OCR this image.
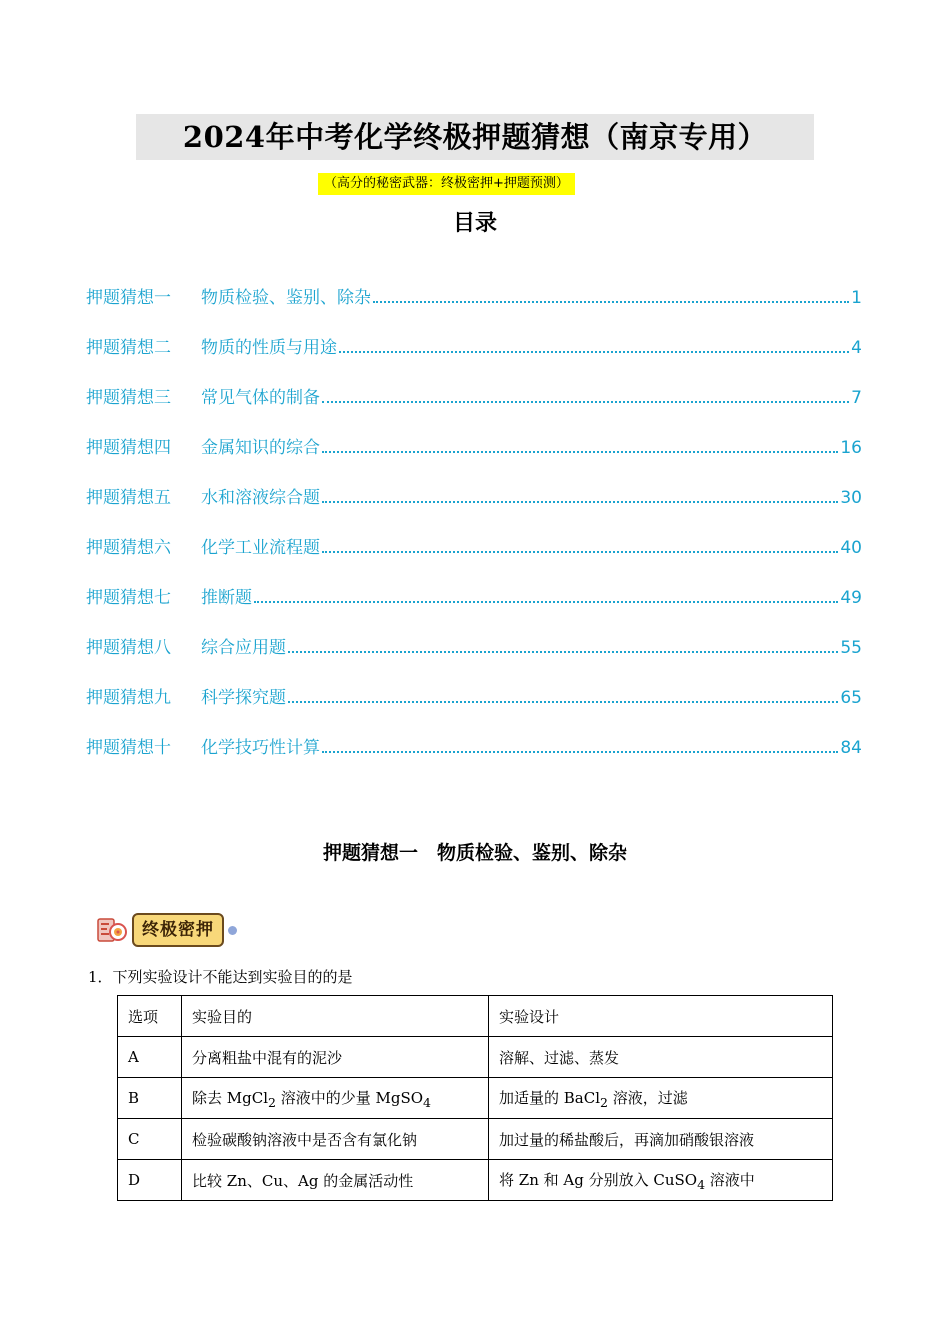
2024年中考化学终极押题猜想（南京专用）
（高分的秘密武器：终极密押+押题预测）
目录
押题猜想一	物质检验、鉴别、除杂	1
押题猜想二	物质的性质与用途	4
押题猜想三	常见气体的制备	7
押题猜想四	金属知识的综合	16
押题猜想五	水和溶液综合题	30
押题猜想六	化学工业流程题	40
押题猜想七	推断题	49
押题猜想八	综合应用题	55
押题猜想九	科学探究题	65
押题猜想十	化学技巧性计算	84
押题猜想一　物质检验、鉴别、除杂
终极密押
1．下列实验设计不能达到实验目的的是
选项	实验目的	实验设计
A	分离粗盐中混有的泥沙	溶解、过滤、蒸发
B	除去 MgCl$_2$ 溶液中的少量 MgSO$_4$	加适量的 BaCl$_2$ 溶液，过滤
C	检验碳酸钠溶液中是否含有氯化钠	加过量的稀盐酸后，再滴加硝酸银溶液
D	比较 Zn、Cu、Ag 的金属活动性	将 Zn 和 Ag 分别放入 CuSO$_4$ 溶液中
